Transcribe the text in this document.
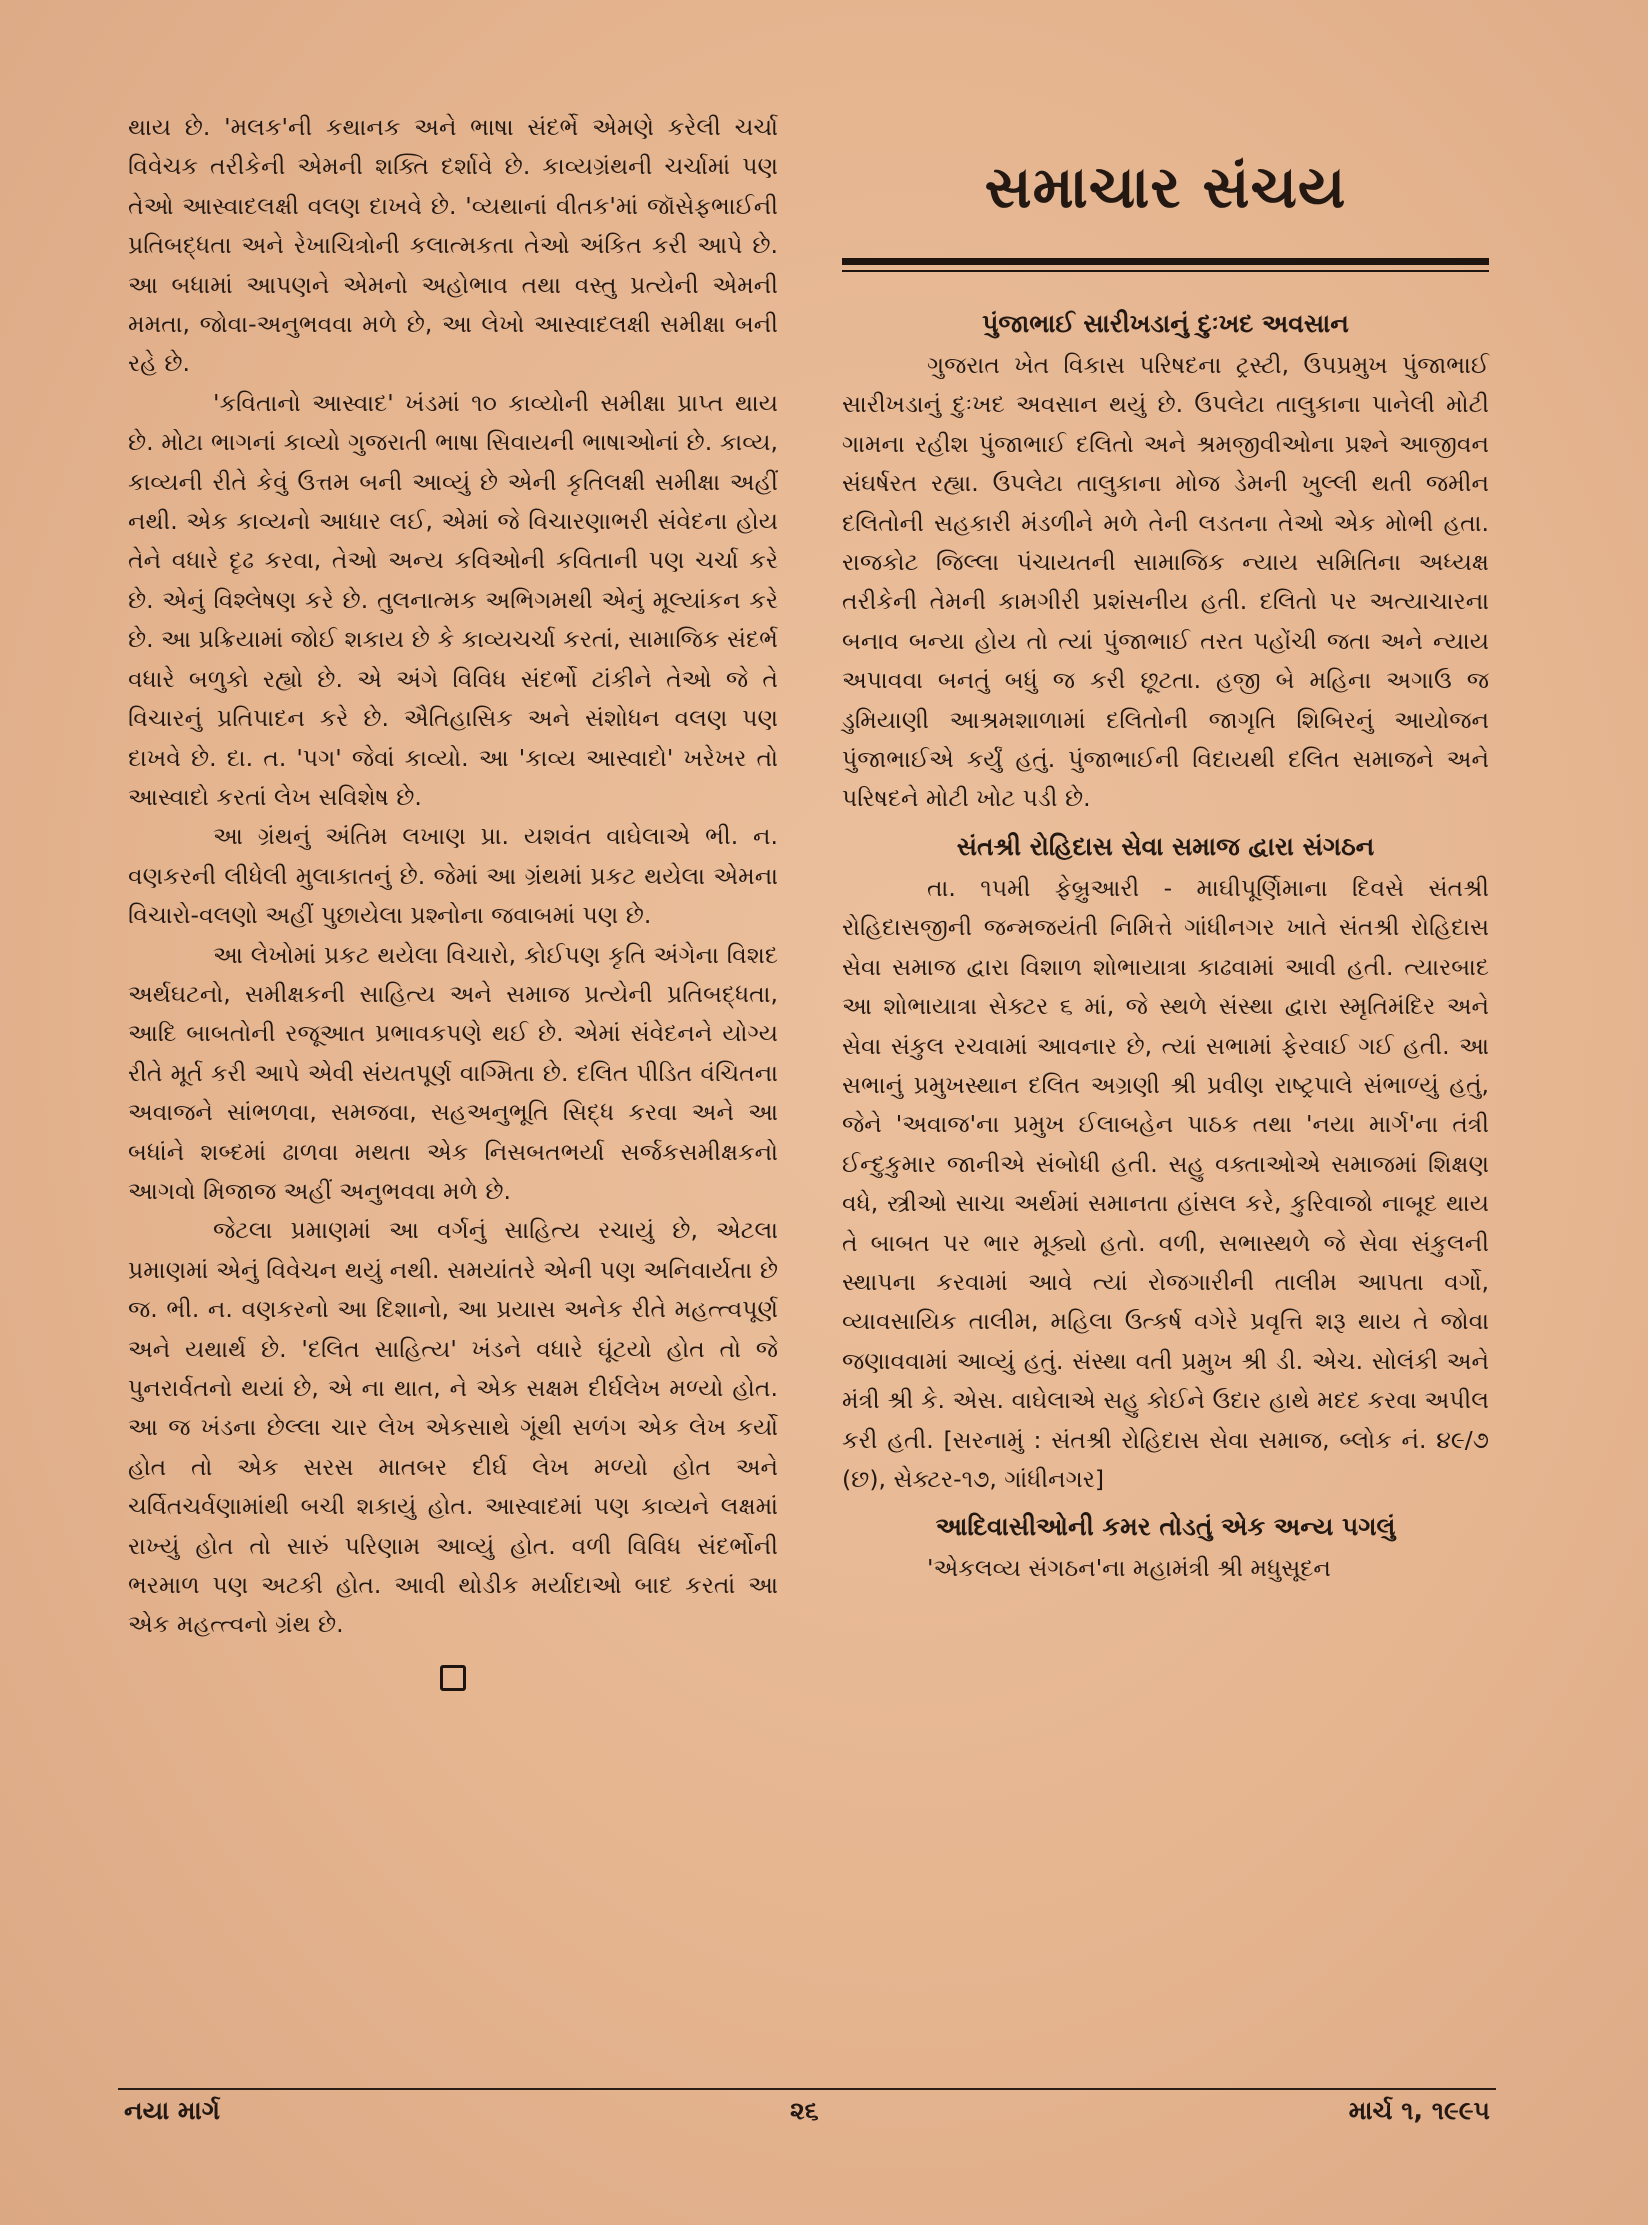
થાય છે. 'મલક'ની કથાનક અને ભાષા સંદર્ભે એમણે કરેલી ચર્ચા વિવેચક તરીકેની એમની શક્તિ દર્શાવે છે. કાવ્યગ્રંથની ચર્ચામાં પણ તેઓ આસ્વાદલક્ષી વલણ દાખવે છે. 'વ્યથાનાં વીતક'માં જૉસેફભાઈની પ્રતિબદ્ધતા અને રેખાચિત્રોની કલાત્મકતા તેઓ અંકિત કરી આપે છે. આ બધામાં આપણને એમનો અહોભાવ તથા વસ્તુ પ્રત્યેની એમની મમતા, જોવા-અનુભવવા મળે છે, આ લેખો આસ્વાદલક્ષી સમીક્ષા બની રહે છે.

'કવિતાનો આસ્વાદ' ખંડમાં ૧૦ કાવ્યોની સમીક્ષા પ્રાપ્ત થાય છે. મોટા ભાગનાં કાવ્યો ગુજરાતી ભાષા સિવાયની ભાષાઓનાં છે. કાવ્ય, કાવ્યની રીતે કેવું ઉત્તમ બની આવ્યું છે એની કૃતિલક્ષી સમીક્ષા અહીં નથી. એક કાવ્યનો આધાર લઈ, એમાં જે વિચારણાભરી સંવેદના હોય તેને વધારે દૃઢ કરવા, તેઓ અન્ય કવિઓની કવિતાની પણ ચર્ચા કરે છે. એનું વિશ્લેષણ કરે છે. તુલનાત્મક અભિગમથી એનું મૂલ્યાંકન કરે છે. આ પ્રક્રિયામાં જોઈ શકાય છે કે કાવ્યચર્ચા કરતાં, સામાજિક સંદર્ભ વધારે બળુકો રહ્યો છે. એ અંગે વિવિધ સંદર્ભો ટાંકીને તેઓ જે તે વિચારનું પ્રતિપાદન કરે છે. ઐતિહાસિક અને સંશોધન વલણ પણ દાખવે છે. દા. ત. 'પગ' જેવાં કાવ્યો. આ 'કાવ્ય આસ્વાદો' ખરેખર તો આસ્વાદો કરતાં લેખ સવિશેષ છે.

આ ગ્રંથનું અંતિમ લખાણ પ્રા. યશવંત વાઘેલાએ ભી. ન. વણકરની લીધેલી મુલાકાતનું છે. જેમાં આ ગ્રંથમાં પ્રકટ થયેલા એમના વિચારો-વલણો અહીં પુછાયેલા પ્રશ્નોના જવાબમાં પણ છે.

આ લેખોમાં પ્રકટ થયેલા વિચારો, કોઈપણ કૃતિ અંગેના વિશદ અર્થઘટનો, સમીક્ષકની સાહિત્ય અને સમાજ પ્રત્યેની પ્રતિબદ્ધતા, આદિ બાબતોની રજૂઆત પ્રભાવકપણે થઈ છે. એમાં સંવેદનને યોગ્ય રીતે મૂર્ત કરી આપે એવી સંયતપૂર્ણ વાગ્મિતા છે. દલિત પીડિત વંચિતના અવાજને સાંભળવા, સમજવા, સહઅનુભૂતિ સિદ્ધ કરવા અને આ બધાંને શબ્દમાં ઢાળવા મથતા એક નિસબતભર્યા સર્જકસમીક્ષકનો આગવો મિજાજ અહીં અનુભવવા મળે છે.

જેટલા પ્રમાણમાં આ વર્ગનું સાહિત્ય રચાયું છે, એટલા પ્રમાણમાં એનું વિવેચન થયું નથી. સમયાંતરે એની પણ અનિવાર્યતા છે જ. ભી. ન. વણકરનો આ દિશાનો, આ પ્રયાસ અનેક રીતે મહત્ત્વપૂર્ણ અને યથાર્થ છે. 'દલિત સાહિત્ય' ખંડને વધારે ઘૂંટયો હોત તો જે પુનરાર્વતનો થયાં છે, એ ના થાત, ને એક સક્ષમ દીર્ઘલેખ મળ્યો હોત. આ જ ખંડના છેલ્લા ચાર લેખ એકસાથે ગૂંથી સળંગ એક લેખ કર્યો હોત તો એક સરસ માતબર દીર્ઘ લેખ મળ્યો હોત અને ચર્વિતચર્વણામાંથી બચી શકાયું હોત. આસ્વાદમાં પણ કાવ્યને લક્ષમાં રાખ્યું હોત તો સારું પરિણામ આવ્યું હોત. વળી વિવિધ સંદર્ભોની ભરમાળ પણ અટકી હોત. આવી થોડીક મર્યાદાઓ બાદ કરતાં આ એક મહત્ત્વનો ગ્રંથ છે.

સમાચાર સંચય
પુંજાભાઈ સારીખડાનું દુઃખદ અવસાન

ગુજરાત ખેત વિકાસ પરિષદના ટ્રસ્ટી, ઉપપ્રમુખ પુંજાભાઈ સારીખડાનું દુઃખદ અવસાન થયું છે. ઉપલેટા તાલુકાના પાનેલી મોટી ગામના રહીશ પુંજાભાઈ દલિતો અને શ્રમજીવીઓના પ્રશ્ને આજીવન સંઘર્ષરત રહ્યા. ઉપલેટા તાલુકાના મોજ ડેમની ખુલ્લી થતી જમીન દલિતોની સહકારી મંડળીને મળે તેની લડતના તેઓ એક મોભી હતા. રાજકોટ જિલ્લા પંચાયતની સામાજિક ન્યાય સમિતિના અધ્યક્ષ તરીકેની તેમની કામગીરી પ્રશંસનીય હતી. દલિતો પર અત્યાચારના બનાવ બન્યા હોય તો ત્યાં પુંજાભાઈ તરત પહોંચી જતા અને ન્યાય અપાવવા બનતું બધું જ કરી છૂટતા. હજી બે મહિના અગાઉ જ ડુમિયાણી આશ્રમશાળામાં દલિતોની જાગૃતિ શિબિરનું આયોજન પુંજાભાઈએ કર્યું હતું. પુંજાભાઈની વિદાયથી દલિત સમાજને અને પરિષદને મોટી ખોટ પડી છે.

સંતશ્રી રોહિદાસ સેવા સમાજ દ્વારા સંગઠન

તા. ૧૫મી ફેબ્રુઆરી - માઘીપૂર્ણિમાના દિવસે સંતશ્રી રોહિદાસજીની જન્મજયંતી નિમિત્તે ગાંધીનગર ખાતે સંતશ્રી રોહિદાસ સેવા સમાજ દ્વારા વિશાળ શોભાયાત્રા કાઢવામાં આવી હતી. ત્યારબાદ આ શોભાયાત્રા સેક્ટર ૬ માં, જે સ્થળે સંસ્થા દ્વારા સ્મૃતિમંદિર અને સેવા સંકુલ રચવામાં આવનાર છે, ત્યાં સભામાં ફેરવાઈ ગઈ હતી. આ સભાનું પ્રમુખસ્થાન દલિત અગ્રણી શ્રી પ્રવીણ રાષ્ટ્રપાલે સંભાળ્યું હતું, જેને 'અવાજ'ના પ્રમુખ ઈલાબહેન પાઠક તથા 'નયા માર્ગ'ના તંત્રી ઈન્દુકુમાર જાનીએ સંબોધી હતી. સહુ વક્તાઓએ સમાજમાં શિક્ષણ વધે, સ્ત્રીઓ સાચા અર્થમાં સમાનતા હાંસલ કરે, કુરિવાજો નાબૂદ થાય તે બાબત પર ભાર મૂક્યો હતો. વળી, સભાસ્થળે જે સેવા સંકુલની સ્થાપના કરવામાં આવે ત્યાં રોજગારીની તાલીમ આપતા વર્ગો, વ્યાવસાયિક તાલીમ, મહિલા ઉત્કર્ષ વગેરે પ્રવૃત્તિ શરૂ થાય તે જોવા જણાવવામાં આવ્યું હતું. સંસ્થા વતી પ્રમુખ શ્રી ડી. એચ. સોલંકી અને મંત્રી શ્રી કે. એસ. વાઘેલાએ સહુ કોઈને ઉદાર હાથે મદદ કરવા અપીલ કરી હતી. [સરનામું : સંતશ્રી રોહિદાસ સેવા સમાજ, બ્લોક નં. ૪૯/૭ (છ), સેક્ટર-૧૭, ગાંધીનગર]

આદિવાસીઓની કમર તોડતું એક અન્ય પગલું

'એકલવ્ય સંગઠન'ના મહામંત્રી શ્રી મધુસૂદન

નયા માર્ગ	૨૬	માર્ચ ૧, ૧૯૯૫
